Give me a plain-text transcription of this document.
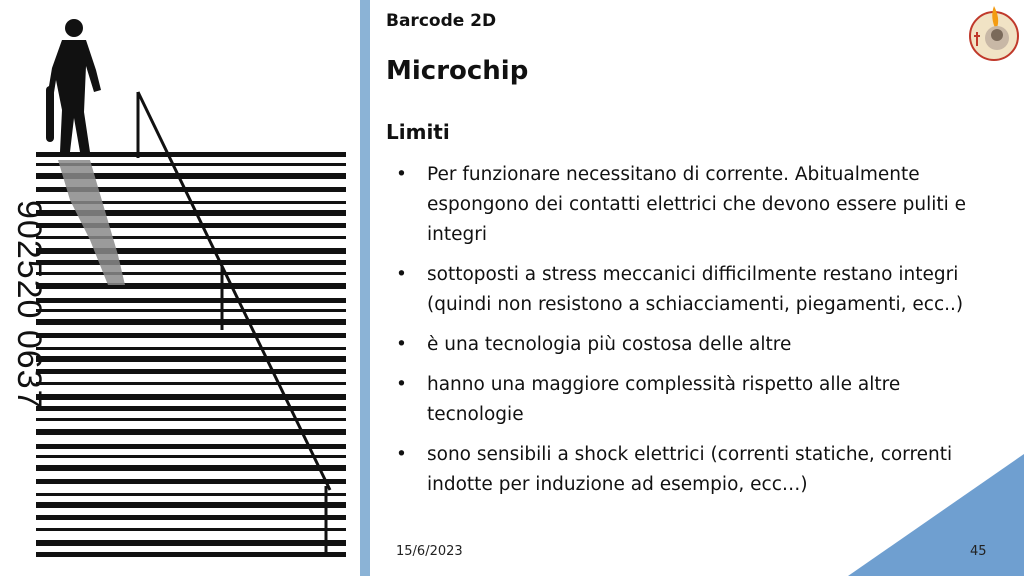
902520 0637
Barcode 2D
Microchip
Limiti
• Per funzionare necessitano di corrente. Abitualmente espongono dei contatti elettrici che devono essere puliti e integri
• sottoposti a stress meccanici difficilmente restano integri (quindi non resistono a schiacciamenti, piegamenti, ecc..)
• è una tecnologia più costosa delle altre
• hanno una maggiore complessità rispetto alle altre tecnologie
• sono sensibili a shock elettrici (correnti statiche, correnti indotte per induzione ad esempio, ecc…)
15/6/2023	45
